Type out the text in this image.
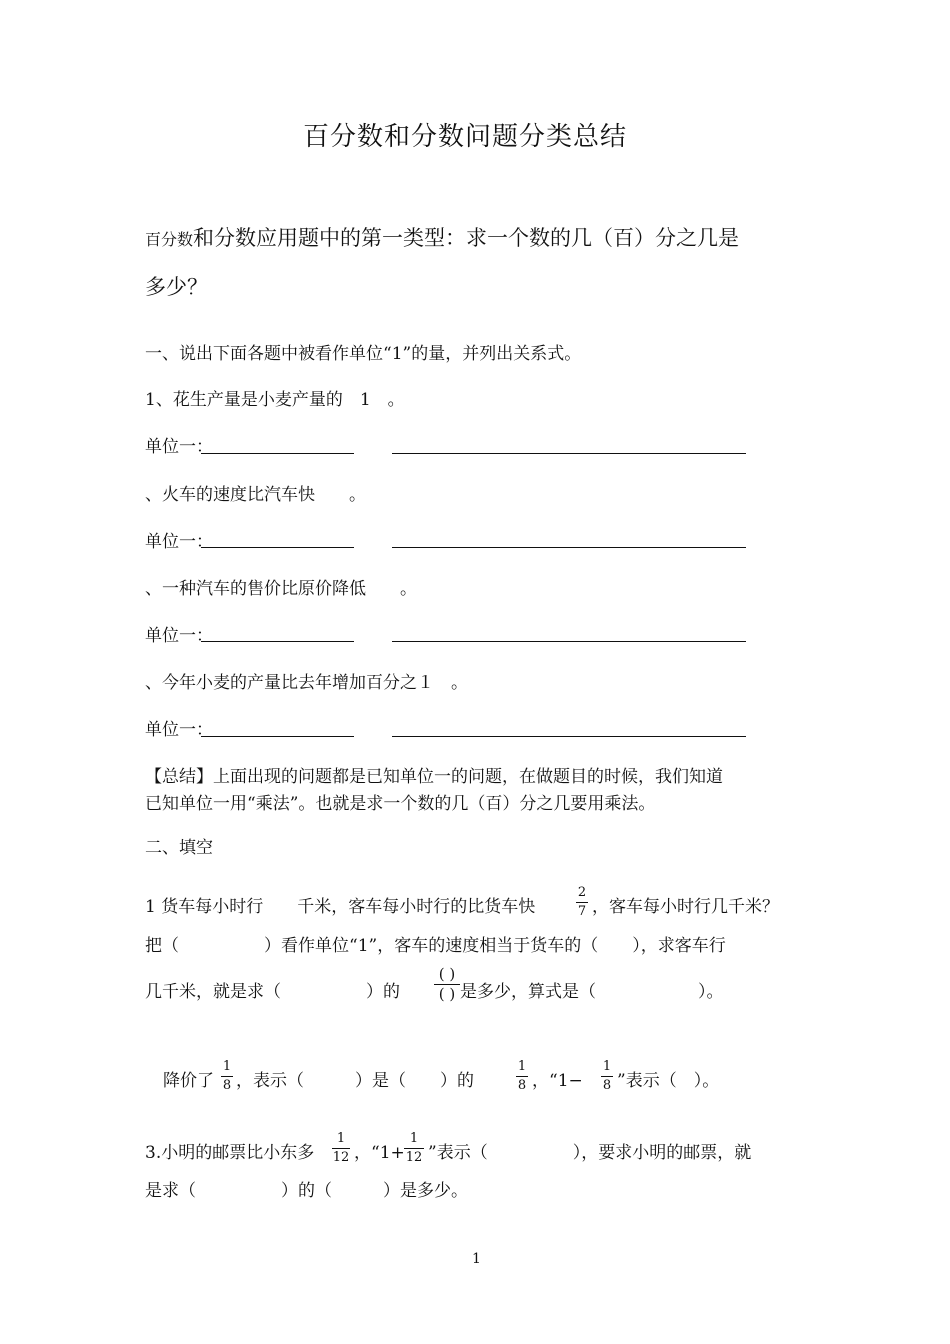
百分数和分数问题分类总结
百分数和分数应用题中的第一类型：求一个数的几（百）分之几是
多少？
一、说出下面各题中被看作单位“1”的量，并列出关系式。
1、花生产量是小麦产量的　1　。
单位一：
、火车的速度比汽车快　　。
单位一：
、一种汽车的售价比原价降低　　。
单位一：
、今年小麦的产量比去年增加百分之１　。
单位一：
【总结】上面出现的问题都是已知单位一的问题，在做题目的时候，我们知道
已知单位一用“乘法”。也就是求一个数的几（百）分之几要用乘法。
二、填空
1 货车每小时行　　千米，客车每小时行的比货车快
2
7 ，客车每小时行几千米？
把（　　　　　）看作单位“1”，客车的速度相当于货车的（　　），求客车行
几千米，就是求（　　　　　）的
( )
( ) 是多少，算式是（　　　　　　）。
降价了
1
8 ，表示（　　　）是（　　）的
1
8 ，“1−
1
8 ”表示（　）。
3.小明的邮票比小东多
1
12 ，“1+
1
12 ”表示（　　　　　），要求小明的邮票，就
是求（　　　　　）的（　　　）是多少。
1
